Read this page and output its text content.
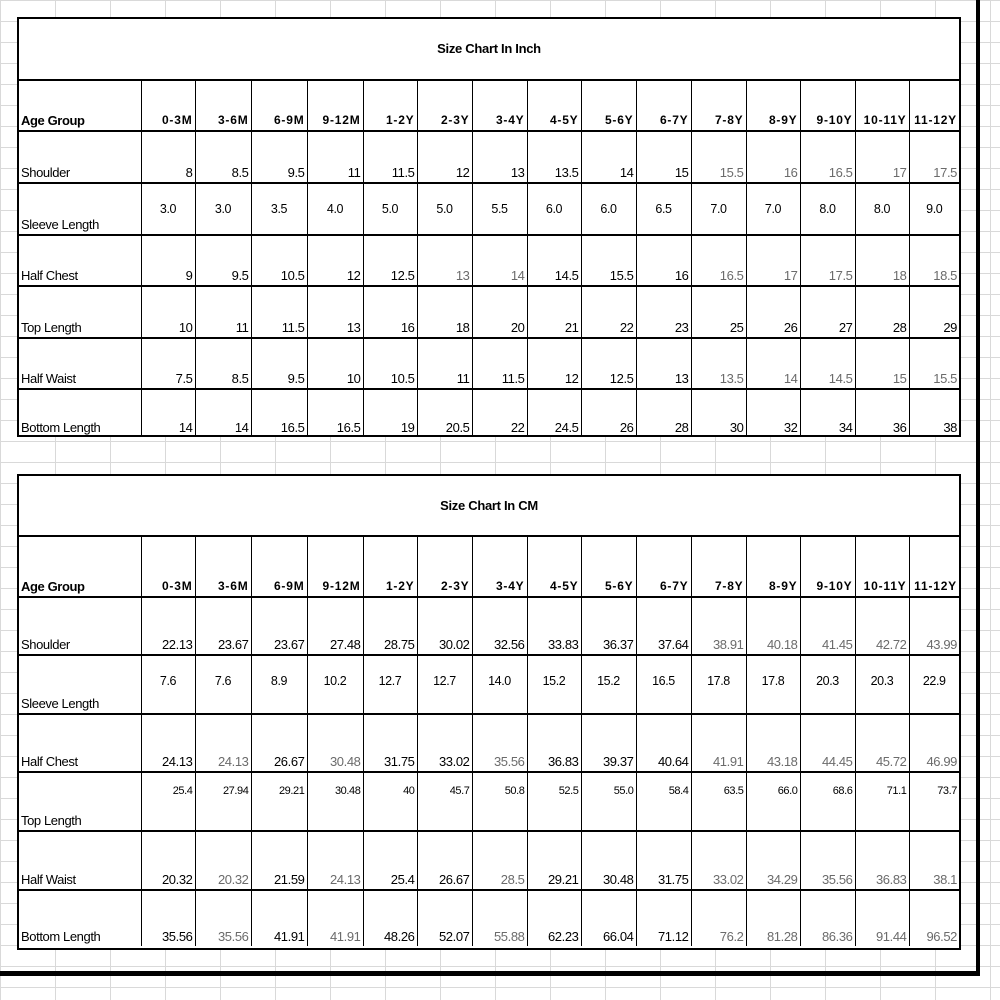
Size Chart In Inch
Age Group	0-3M	3-6M	6-9M	9-12M	1-2Y	2-3Y	3-4Y	4-5Y	5-6Y	6-7Y	7-8Y	8-9Y	9-10Y	10-11Y	11-12Y
Shoulder	8	8.5	9.5	11	11.5	12	13	13.5	14	15	15.5	16	16.5	17	17.5
Sleeve Length	3.0	3.0	3.5	4.0	5.0	5.0	5.5	6.0	6.0	6.5	7.0	7.0	8.0	8.0	9.0
Half Chest	9	9.5	10.5	12	12.5	13	14	14.5	15.5	16	16.5	17	17.5	18	18.5
Top Length	10	11	11.5	13	16	18	20	21	22	23	25	26	27	28	29
Half Waist	7.5	8.5	9.5	10	10.5	11	11.5	12	12.5	13	13.5	14	14.5	15	15.5
Bottom Length	14	14	16.5	16.5	19	20.5	22	24.5	26	28	30	32	34	36	38
Size Chart In CM
Age Group	0-3M	3-6M	6-9M	9-12M	1-2Y	2-3Y	3-4Y	4-5Y	5-6Y	6-7Y	7-8Y	8-9Y	9-10Y	10-11Y	11-12Y
Shoulder	22.13	23.67	23.67	27.48	28.75	30.02	32.56	33.83	36.37	37.64	38.91	40.18	41.45	42.72	43.99
Sleeve Length	7.6	7.6	8.9	10.2	12.7	12.7	14.0	15.2	15.2	16.5	17.8	17.8	20.3	20.3	22.9
Half Chest	24.13	24.13	26.67	30.48	31.75	33.02	35.56	36.83	39.37	40.64	41.91	43.18	44.45	45.72	46.99
Top Length	25.4	27.94	29.21	30.48	40	45.7	50.8	52.5	55.0	58.4	63.5	66.0	68.6	71.1	73.7
Half Waist	20.32	20.32	21.59	24.13	25.4	26.67	28.5	29.21	30.48	31.75	33.02	34.29	35.56	36.83	38.1
Bottom Length	35.56	35.56	41.91	41.91	48.26	52.07	55.88	62.23	66.04	71.12	76.2	81.28	86.36	91.44	96.52
